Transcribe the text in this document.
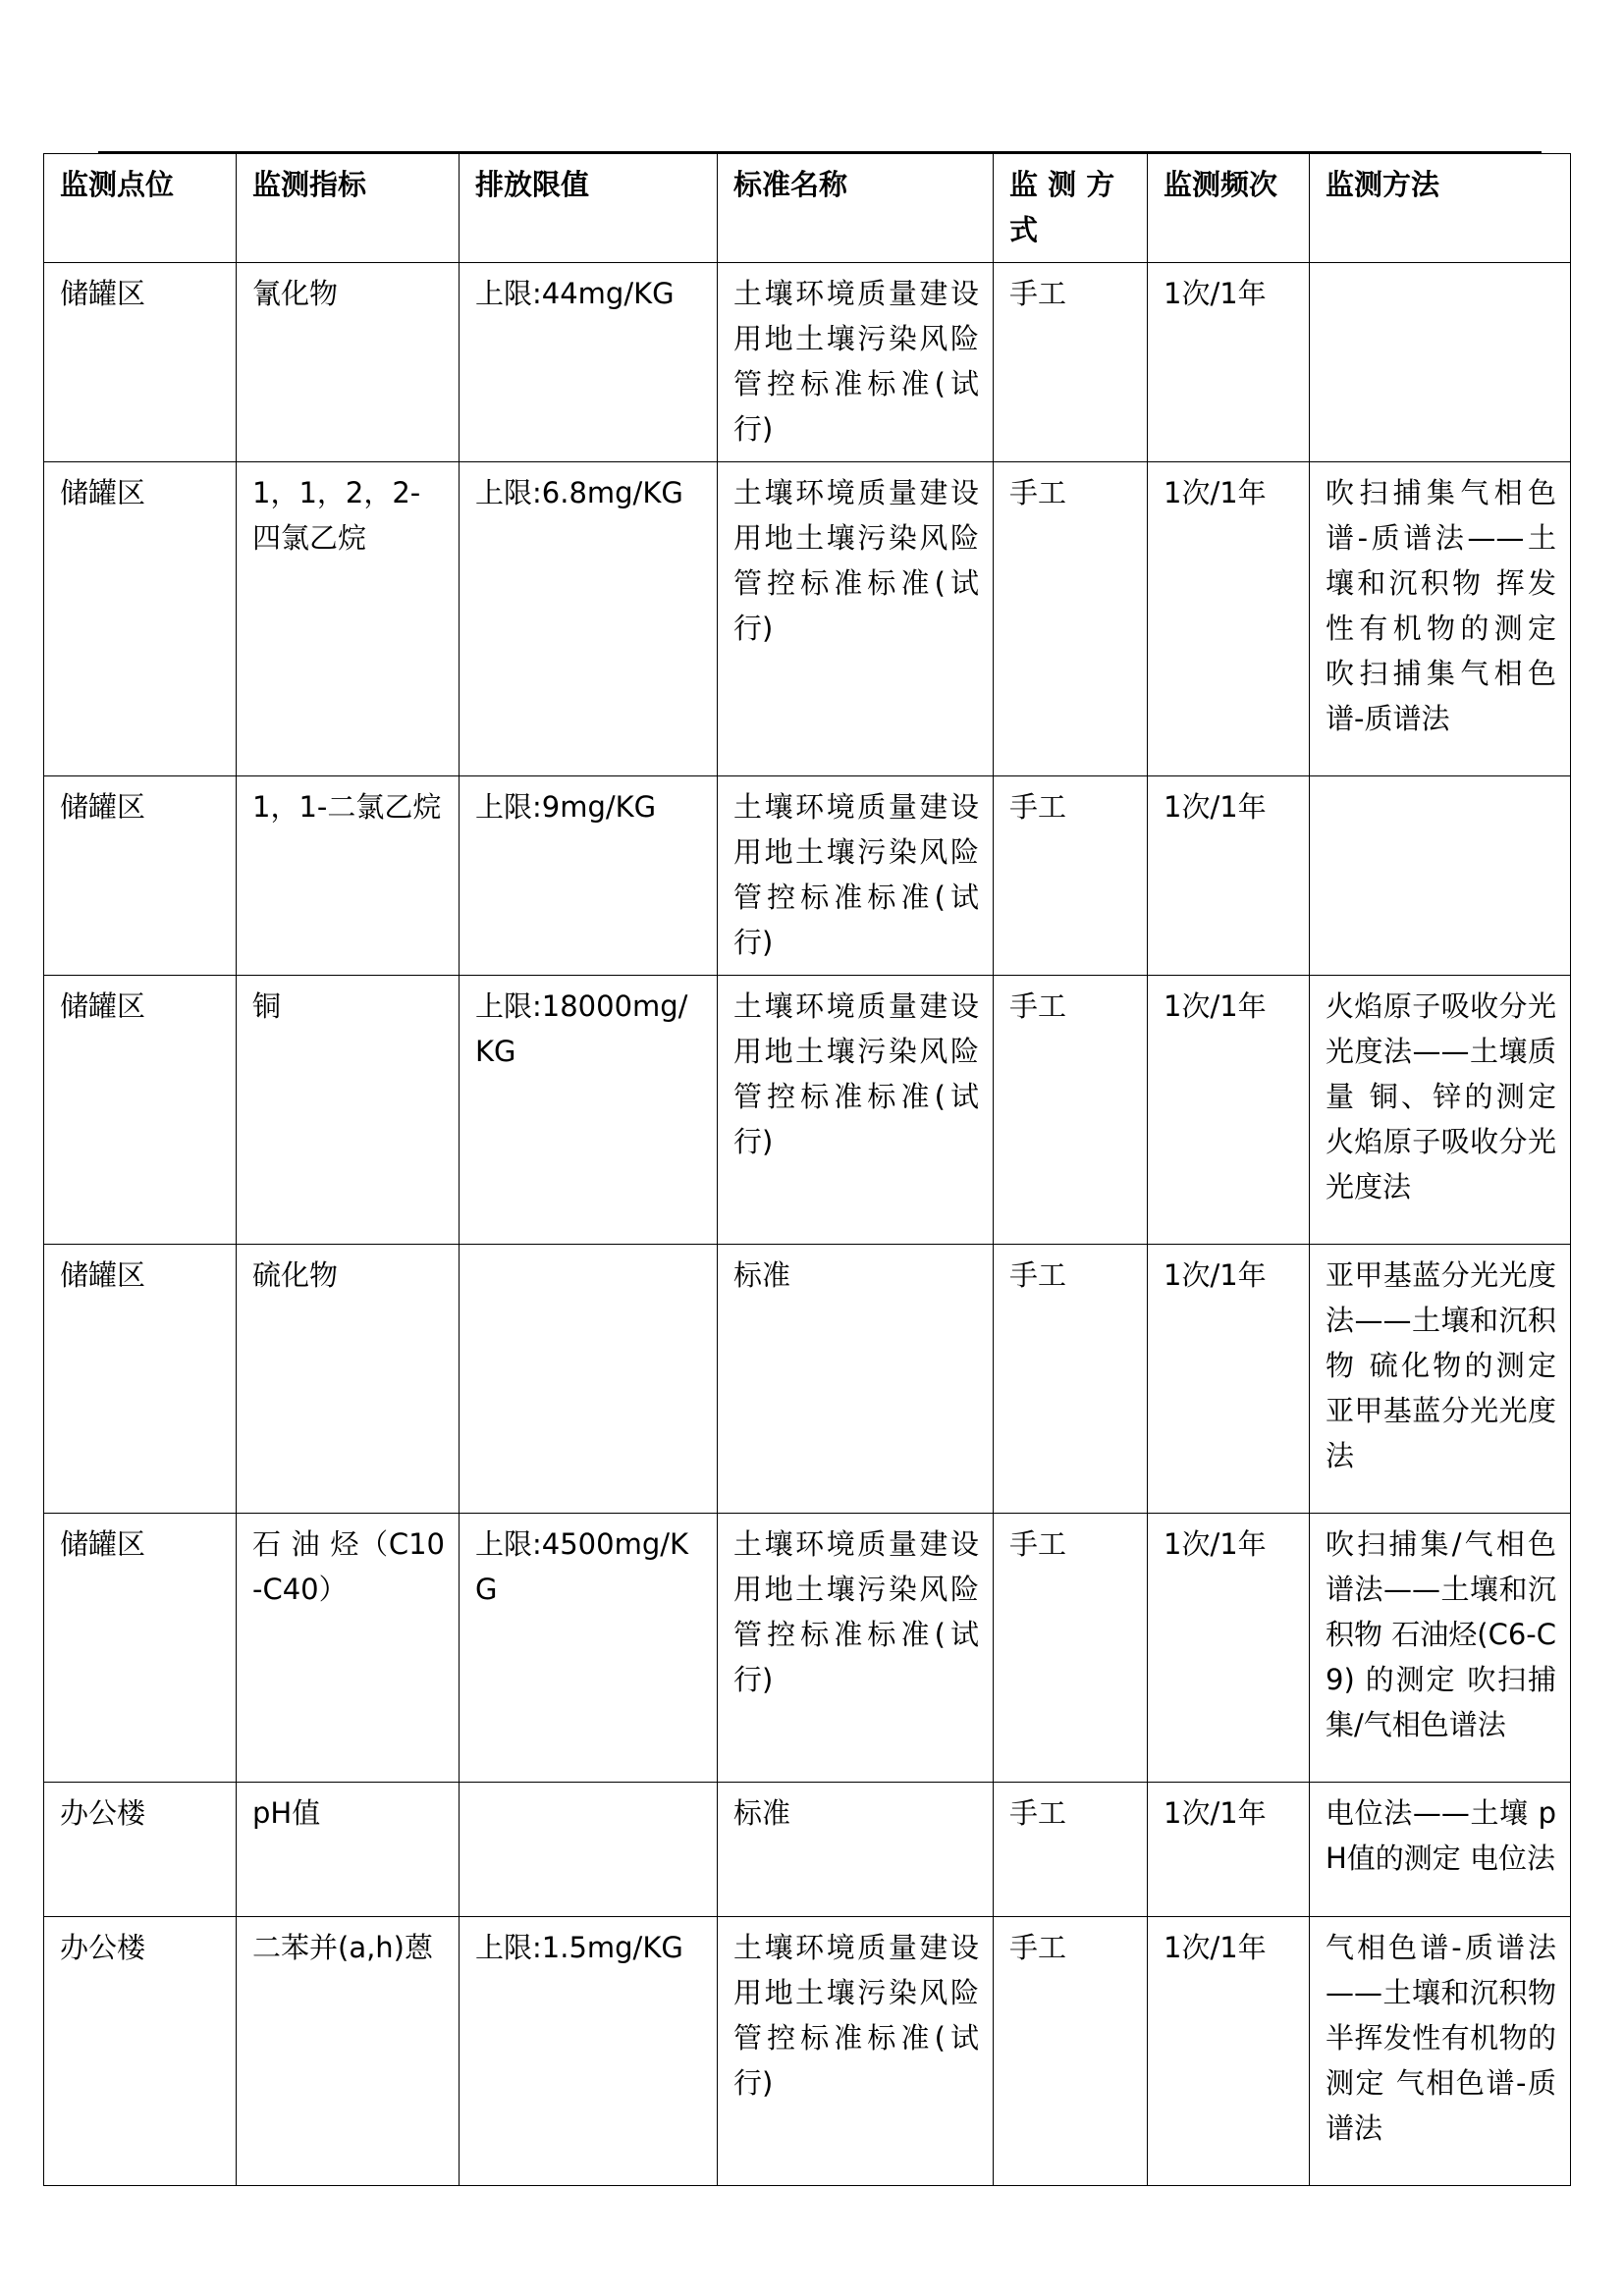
监测点位	监测指标	排放限值	标准名称	监 测 方式	监测频次	监测方法
储罐区	氰化物	上限:44mg/KG	土壤环境质量建设用地土壤污染风险管控标准标准(试行)	手工	1次/1年	
储罐区	1，1，2，2-四氯乙烷	上限:6.8mg/KG	土壤环境质量建设用地土壤污染风险管控标准标准(试行)	手工	1次/1年	吹扫捕集气相色谱-质谱法——土壤和沉积物 挥发性有机物的测定 吹扫捕集气相色谱-质谱法
储罐区	1，1-二氯乙烷	上限:9mg/KG	土壤环境质量建设用地土壤污染风险管控标准标准(试行)	手工	1次/1年	
储罐区	铜	上限:18000mg/KG	土壤环境质量建设用地土壤污染风险管控标准标准(试行)	手工	1次/1年	火焰原子吸收分光光度法——土壤质量 铜、锌的测定 火焰原子吸收分光光度法
储罐区	硫化物		标准	手工	1次/1年	亚甲基蓝分光光度法——土壤和沉积物 硫化物的测定 亚甲基蓝分光光度法
储罐区	石 油 烃（C10-C40）	上限:4500mg/KG	土壤环境质量建设用地土壤污染风险管控标准标准(试行)	手工	1次/1年	吹扫捕集/气相色谱法——土壤和沉积物 石油烃(C6-C9) 的测定 吹扫捕集/气相色谱法
办公楼	pH值		标准	手工	1次/1年	电位法——土壤 pH值的测定 电位法
办公楼	二苯并(a,h)蒽	上限:1.5mg/KG	土壤环境质量建设用地土壤污染风险管控标准标准(试行)	手工	1次/1年	气相色谱-质谱法——土壤和沉积物 半挥发性有机物的测定 气相色谱-质谱法
